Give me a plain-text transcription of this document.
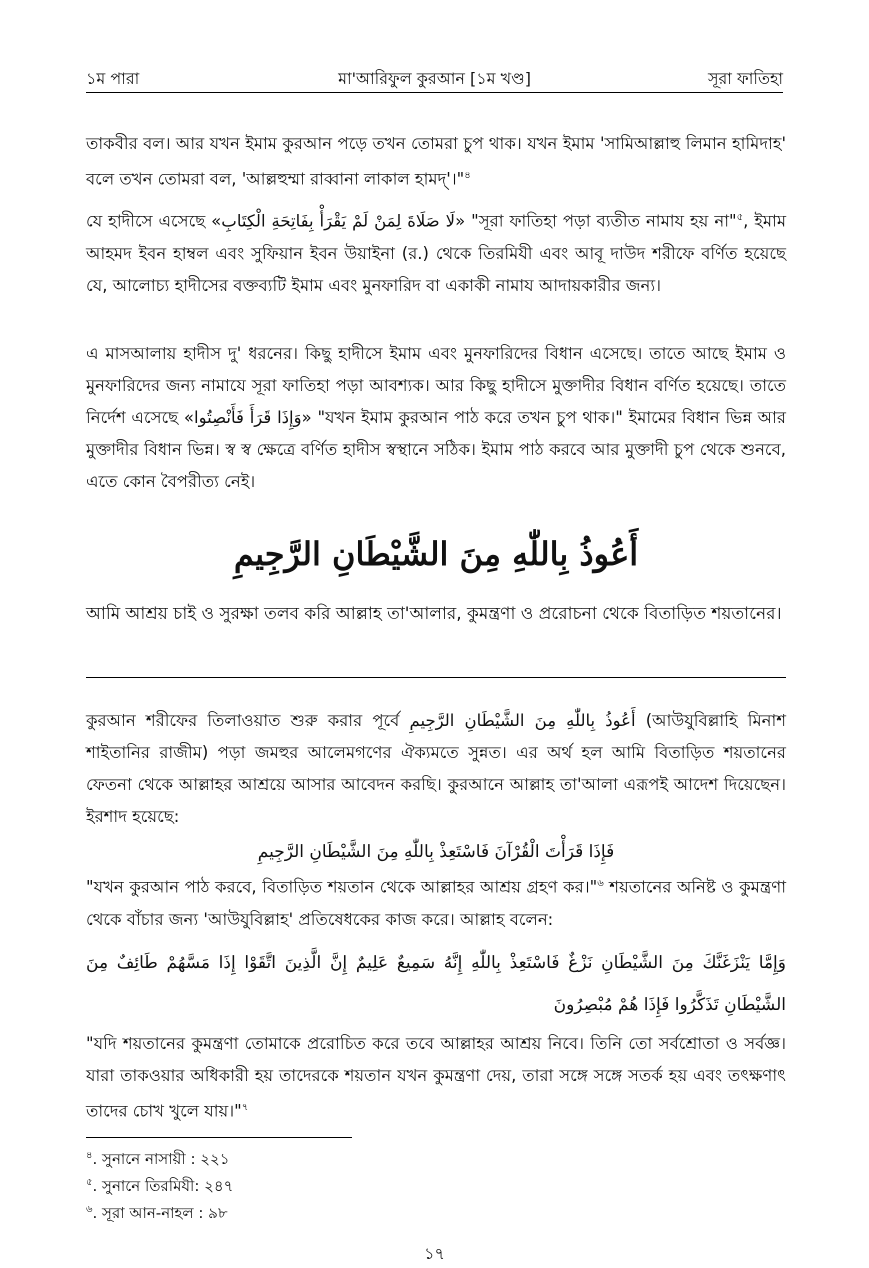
১ম পারা	মা'আরিফুল কুরআন [১ম খণ্ড]	সূরা ফাতিহা

তাকবীর বল। আর যখন ইমাম কুরআন পড়ে তখন তোমরা চুপ থাক। যখন ইমাম 'সামিআল্লাহু লিমান হামিদাহ' বলে তখন তোমরা বল, 'আল্লহুম্মা রাব্বানা লাকাল হামদ্'।"$^৪$

যে হাদীসে এসেছে «لَا صَلَاةَ لِمَنْ لَمْ يَقْرَأْ بِفَاتِحَةِ الْكِتَابِ» "সূরা ফাতিহা পড়া ব্যতীত নামায হয় না"$^৫$, ইমাম আহমদ ইবন হাম্বল এবং সুফিয়ান ইবন উয়াইনা (র.) থেকে তিরমিযী এবং আবূ দাউদ শরীফে বর্ণিত হয়েছে যে, আলোচ্য হাদীসের বক্তব্যটি ইমাম এবং মুনফারিদ বা একাকী নামায আদায়কারীর জন্য।

এ মাসআলায় হাদীস দু' ধরনের। কিছু হাদীসে ইমাম এবং মুনফারিদের বিধান এসেছে। তাতে আছে ইমাম ও মুনফারিদের জন্য নামাযে সূরা ফাতিহা পড়া আবশ্যক। আর কিছু হাদীসে মুক্তাদীর বিধান বর্ণিত হয়েছে। তাতে নির্দেশ এসেছে «وَإِذَا قَرَأَ فَأَنْصِتُوا» "যখন ইমাম কুরআন পাঠ করে তখন চুপ থাক।" ইমামের বিধান ভিন্ন আর মুক্তাদীর বিধান ভিন্ন। স্ব স্ব ক্ষেত্রে বর্ণিত হাদীস স্বস্থানে সঠিক। ইমাম পাঠ করবে আর মুক্তাদী চুপ থেকে শুনবে, এতে কোন বৈপরীত্য নেই।

أَعُوذُ بِاللّٰهِ مِنَ الشَّيْطَانِ الرَّجِيمِ
আমি আশ্রয় চাই ও সুরক্ষা তলব করি আল্লাহ তা'আলার, কুমন্ত্রণা ও প্ররোচনা থেকে বিতাড়িত শয়তানের।

কুরআন শরীফের তিলাওয়াত শুরু করার পূর্বে أَعُوذُ بِاللّٰهِ مِنَ الشَّيْطَانِ الرَّجِيمِ (আউযুবিল্লাহি মিনাশ শাইতানির রাজীম) পড়া জমহুর আলেমগণের ঐক্যমতে সুন্নত। এর অর্থ হল আমি বিতাড়িত শয়তানের ফেতনা থেকে আল্লাহর আশ্রয়ে আসার আবেদন করছি। কুরআনে আল্লাহ তা'আলা এরূপই আদেশ দিয়েছেন। ইরশাদ হয়েছে:

فَإِذَا قَرَأْتَ الْقُرْآنَ فَاسْتَعِذْ بِاللّٰهِ مِنَ الشَّيْطَانِ الرَّجِيمِ

"যখন কুরআন পাঠ করবে, বিতাড়িত শয়তান থেকে আল্লাহর আশ্রয় গ্রহণ কর।"$^৬$ শয়তানের অনিষ্ট ও কুমন্ত্রণা থেকে বাঁচার জন্য 'আউযুবিল্লাহ' প্রতিষেধকের কাজ করে। আল্লাহ বলেন:

وَإِمَّا يَنْزَغَنَّكَ مِنَ الشَّيْطَانِ نَزْغٌ فَاسْتَعِذْ بِاللّٰهِ إِنَّهُ سَمِيعٌ عَلِيمٌ إِنَّ الَّذِينَ اتَّقَوْا إِذَا مَسَّهُمْ طَائِفٌ مِنَ الشَّيْطَانِ تَذَكَّرُوا فَإِذَا هُمْ مُبْصِرُونَ

"যদি শয়তানের কুমন্ত্রণা তোমাকে প্ররোচিত করে তবে আল্লাহর আশ্রয় নিবে। তিনি তো সর্বশ্রোতা ও সর্বজ্ঞ। যারা তাকওয়ার অধিকারী হয় তাদেরকে শয়তান যখন কুমন্ত্রণা দেয়, তারা সঙ্গে সঙ্গে সতর্ক হয় এবং তৎক্ষণাৎ তাদের চোখ খুলে যায়।"$^৭$

$^৪$. সুনানে নাসায়ী : ২২১
$^৫$. সুনানে তিরমিযী: ২৪৭
$^৬$. সূরা আন-নাহল : ৯৮
১৭
